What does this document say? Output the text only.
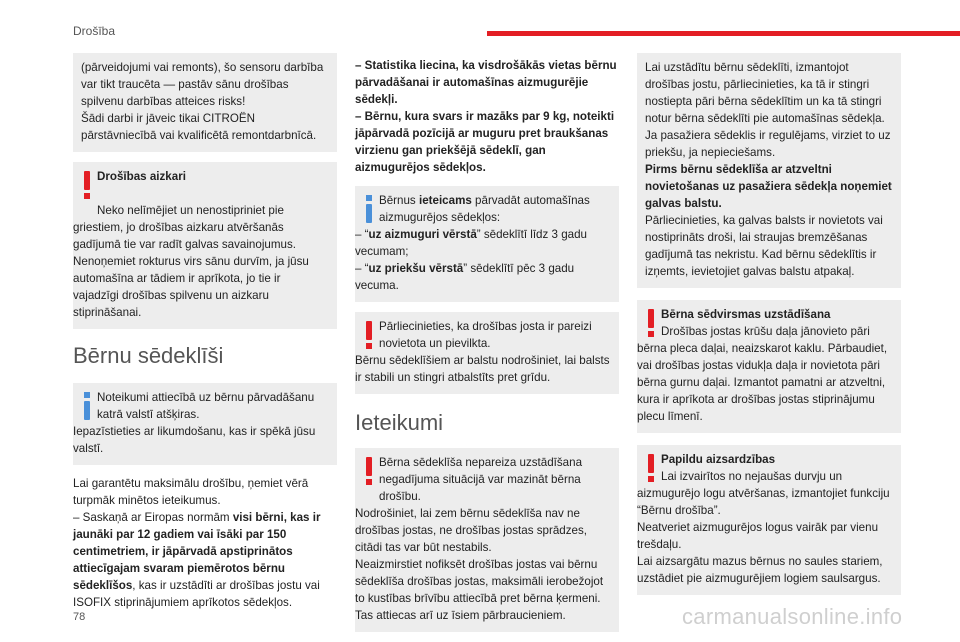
Drošība

(pārveidojumi vai remonts), šo sensoru darbība var tikt traucēta — pastāv sānu drošības spilvenu darbības atteices risks!

Šādi darbi ir jāveic tikai CITROËN pārstāvniecībā vai kvalificētā remontdarbnīcā.

Drošības aizkari
Neko nelīmējiet un nenostipriniet pie griestiem, jo drošības aizkaru atvēršanās gadījumā tie var radīt galvas savainojumus. Nenoņemiet rokturus virs sānu durvīm, ja jūsu automašīna ar tādiem ir aprīkota, jo tie ir vajadzīgi drošības spilvenu un aizkaru stiprināšanai.
Bērnu sēdeklīši
Noteikumi attiecībā uz bērnu pārvadāšanu katrā valstī atšķiras.
Iepazīstieties ar likumdošanu, kas ir spēkā jūsu valstī.

Lai garantētu maksimālu drošību, ņemiet vērā turpmāk minētos ieteikumus.
– Saskaņā ar Eiropas normām visi bērni, kas ir jaunāki par 12 gadiem vai īsāki par 150 centimetriem, ir jāpārvadā apstiprinātos attiecīgajam svaram piemērotos bērnu sēdeklīšos, kas ir uzstādīti ar drošības jostu vai ISOFIX stiprinājumiem aprīkotos sēdekļos.

– Statistika liecina, ka visdrošākās vietas bērnu pārvadāšanai ir automašīnas aizmugurējie sēdekļi.
– Bērnu, kura svars ir mazāks par 9 kg, noteikti jāpārvadā pozīcijā ar muguru pret braukšanas virzienu gan priekšējā sēdeklī, gan aizmugurējos sēdekļos.

Bērnus ieteicams pārvadāt automašīnas aizmugurējos sēdekļos:
– “uz aizmuguri vērstā” sēdeklītī līdz 3 gadu vecumam;
– “uz priekšu vērstā” sēdeklītī pēc 3 gadu vecuma.
Pārliecinieties, ka drošības josta ir pareizi novietota un pievilkta.
Bērnu sēdeklīšiem ar balstu nodrošiniet, lai balsts ir stabili un stingri atbalstīts pret grīdu.
Ieteikumi
Bērna sēdeklīša nepareiza uzstādīšana negadījuma situācijā var mazināt bērna drošību.
Nodrošiniet, lai zem bērnu sēdeklīša nav ne drošības jostas, ne drošības jostas sprādzes, citādi tas var būt nestabils.
Neaizmirstiet nofiksēt drošības jostas vai bērnu sēdeklīša drošības jostas, maksimāli ierobežojot to kustības brīvību attiecībā pret bērna ķermeni. Tas attiecas arī uz īsiem pārbraucieniem.
Lai uzstādītu bērnu sēdeklīti, izmantojot drošības jostu, pārliecinieties, ka tā ir stingri nostiepta pāri bērna sēdeklītim un ka tā stingri notur bērna sēdeklīti pie automašīnas sēdekļa. Ja pasažiera sēdeklis ir regulējams, virziet to uz priekšu, ja nepieciešams.
Pirms bērnu sēdeklīša ar atzveltni novietošanas uz pasažiera sēdekļa noņemiet galvas balstu.
Pārliecinieties, ka galvas balsts ir novietots vai nostiprināts droši, lai straujas bremzēšanas gadījumā tas nekristu. Kad bērnu sēdeklītis ir izņemts, ievietojiet galvas balstu atpakaļ.
Bērna sēdvirsmas uzstādīšana
Drošības jostas krūšu daļa jānovieto pāri bērna pleca daļai, neaizskarot kaklu. Pārbaudiet, vai drošības jostas vidukļa daļa ir novietota pāri bērna gurnu daļai. Izmantot pamatni ar atzveltni, kura ir aprīkota ar drošības jostas stiprinājumu plecu līmenī.
Papildu aizsardzības
Lai izvairītos no nejaušas durvju un aizmugurējo logu atvēršanas, izmantojiet funkciju “Bērnu drošība”.
Neatveriet aizmugurējos logus vairāk par vienu trešdaļu.
Lai aizsargātu mazus bērnus no saules stariem, uzstādiet pie aizmugurējiem logiem saulsargus.
78	carmanualsonline.info
